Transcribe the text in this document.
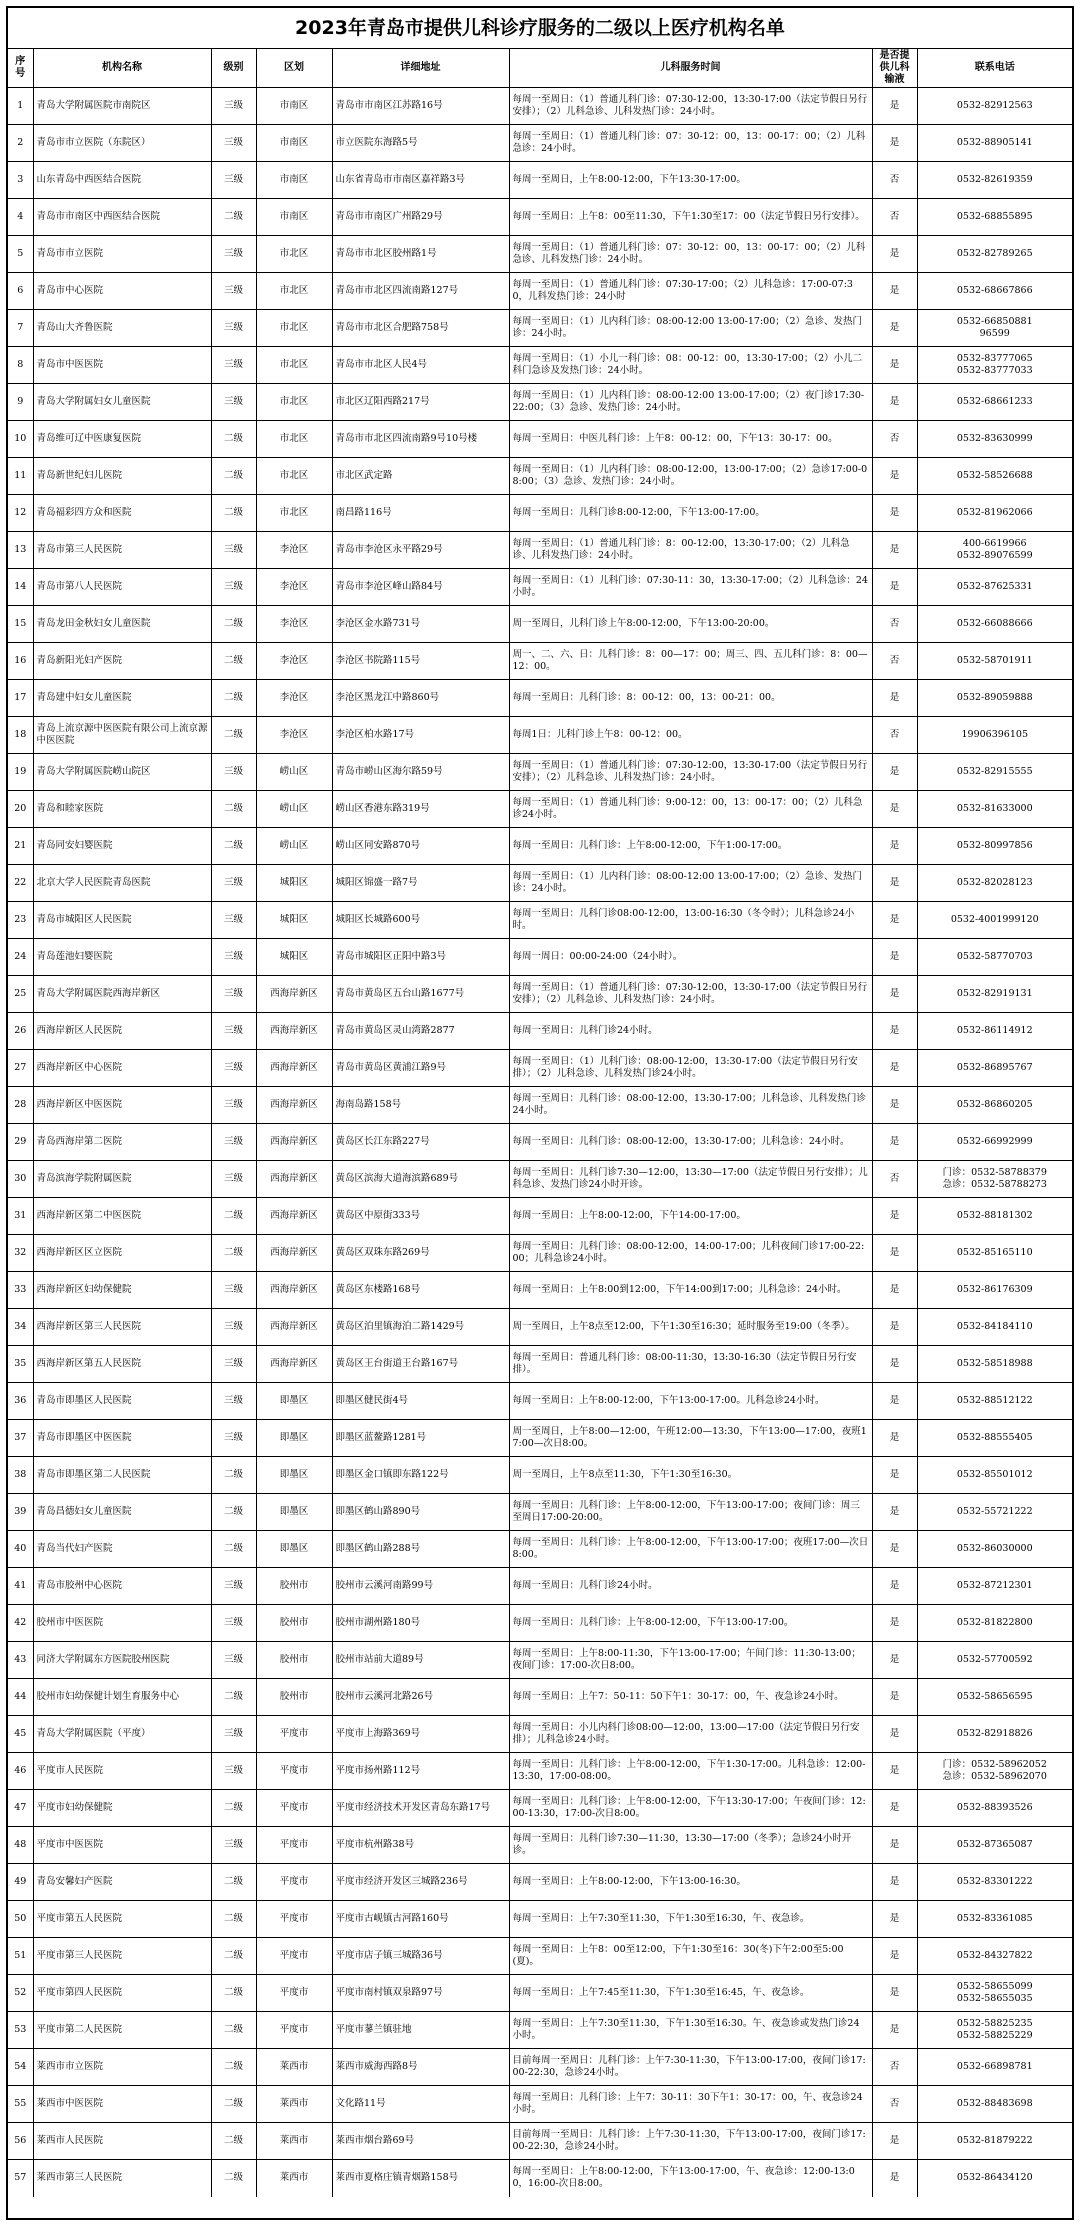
2023年青岛市提供儿科诊疗服务的二级以上医疗机构名单
序号	机构名称	级别	区划	详细地址	儿科服务时间	是否提供儿科输液	联系电话
1	青岛大学附属医院市南院区	三级	市南区	青岛市市南区江苏路16号	每周一至周日：（1）普通儿科门诊：07:30-12:00，13:30-17:00（法定节假日另行安排）；（2）儿科急诊、儿科发热门诊：24小时。	是	0532-82912563
2	青岛市市立医院（东院区）	三级	市南区	市立医院东海路5号	每周一至周日：（1）普通儿科门诊：07：30-12：00，13：00-17：00；（2）儿科急诊：24小时。	是	0532-88905141
3	山东青岛中西医结合医院	三级	市南区	山东省青岛市市南区嘉祥路3号	每周一至周日，上午8:00-12:00，下午13:30-17:00。	否	0532-82619359
4	青岛市市南区中西医结合医院	二级	市南区	青岛市市南区广州路29号	每周一至周日：上午8：00至11:30，下午1:30至17：00（法定节假日另行安排）。	否	0532-68855895
5	青岛市市立医院	三级	市北区	青岛市市北区胶州路1号	每周一至周日：（1）普通儿科门诊：07：30-12：00，13：00-17：00；（2）儿科急诊、儿科发热门诊：24小时。	是	0532-82789265
6	青岛市中心医院	三级	市北区	青岛市市北区四流南路127号	每周一至周日：（1）普通儿科门诊：07:30-17:00；（2）儿科急诊：17:00-07:30，儿科发热门诊：24小时	是	0532-68667866
7	青岛山大齐鲁医院	三级	市北区	青岛市市北区合肥路758号	每周一至周日：（1）儿内科门诊：08:00-12:00 13:00-17:00；（2）急诊、发热门诊：24小时。	是	0532-66850881
96599
8	青岛市中医医院	三级	市北区	青岛市市北区人民4号	每周一至周日：（1）小儿一科门诊：08：00-12：00，13:30-17:00；（2）小儿二科门急诊及发热门诊：24小时。	是	0532-83777065
0532-83777033
9	青岛大学附属妇女儿童医院	三级	市北区	市北区辽阳西路217号	每周一至周日：（1）儿内科门诊：08:00-12:00 13:00-17:00；（2）夜门诊17:30-22:00；（3）急诊、发热门诊：24小时。	是	0532-68661233
10	青岛维可辽中医康复医院	二级	市北区	青岛市市北区四流南路9号10号楼	每周一至周日：中医儿科门诊：上午8：00-12：00，下午13：30-17：00。	否	0532-83630999
11	青岛新世纪妇儿医院	二级	市北区	市北区武定路	每周一至周日：（1）儿内科门诊：08:00-12:00，13:00-17:00；（2）急诊17:00-08:00；（3）急诊、发热门诊：24小时。	是	0532-58526688
12	青岛福彩四方众和医院	二级	市北区	南昌路116号	每周一至周日：儿科门诊8:00-12:00，下午13:00-17:00。	是	0532-81962066
13	青岛市第三人民医院	三级	李沧区	青岛市李沧区永平路29号	每周一至周日：（1）普通儿科门诊：8：00-12:00，13:30-17:00；（2）儿科急诊、儿科发热门诊：24小时。	是	400-6619966
0532-89076599
14	青岛市第八人民医院	三级	李沧区	青岛市李沧区峰山路84号	每周一至周日：（1）儿科门诊：07:30-11：30，13:30-17:00；（2）儿科急诊：24小时。	是	0532-87625331
15	青岛龙田金秋妇女儿童医院	二级	李沧区	李沧区金水路731号	周一至周日，儿科门诊上午8:00-12:00，下午13:00-20:00。	否	0532-66088666
16	青岛新阳光妇产医院	二级	李沧区	李沧区书院路115号	周一、二、六、日：儿科门诊：8：00—17：00；周三、四、五儿科门诊：8：00—12：00。	否	0532-58701911
17	青岛建中妇女儿童医院	二级	李沧区	李沧区黑龙江中路860号	每周一至周日：儿科门诊：8：00-12：00，13：00-21：00。	是	0532-89059888
18	青岛上流京源中医医院有限公司上流京源中医医院	二级	李沧区	李沧区柏水路17号	每周1日：儿科门诊上午8：00-12：00。	否	19906396105
19	青岛大学附属医院崂山院区	三级	崂山区	青岛市崂山区海尔路59号	每周一至周日：（1）普通儿科门诊：07:30-12:00，13:30-17:00（法定节假日另行安排）；（2）儿科急诊、儿科发热门诊：24小时。	是	0532-82915555
20	青岛和睦家医院	二级	崂山区	崂山区香港东路319号	每周一至周日：（1）普通儿科门诊：9:00-12：00，13：00-17：00；（2）儿科急诊24小时。	是	0532-81633000
21	青岛同安妇婴医院	二级	崂山区	崂山区同安路870号	每周一至周日：儿科门诊：上午8:00-12:00，下午1:00-17:00。	是	0532-80997856
22	北京大学人民医院青岛医院	三级	城阳区	城阳区锦盛一路7号	每周一至周日：（1）儿内科门诊：08:00-12:00 13:00-17:00；（2）急诊、发热门诊：24小时。	是	0532-82028123
23	青岛市城阳区人民医院	三级	城阳区	城阳区长城路600号	每周一至周日：儿科门诊08:00-12:00，13:00-16:30（冬令时）；儿科急诊24小时。	是	0532-4001999120
24	青岛莲池妇婴医院	三级	城阳区	青岛市城阳区正阳中路3号	每周一周日：00:00-24:00（24小时）。	是	0532-58770703
25	青岛大学附属医院西海岸新区	三级	西海岸新区	青岛市黄岛区五台山路1677号	每周一至周日：（1）普通儿科门诊：07:30-12:00，13:30-17:00（法定节假日另行安排）；（2）儿科急诊、儿科发热门诊：24小时。	是	0532-82919131
26	西海岸新区人民医院	三级	西海岸新区	青岛市黄岛区灵山湾路2877	每周一至周日：儿科门诊24小时。	是	0532-86114912
27	西海岸新区中心医院	三级	西海岸新区	青岛市黄岛区黄浦江路9号	每周一至周日：（1）儿科门诊：08:00-12:00，13:30-17:00（法定节假日另行安排）；（2）儿科急诊、儿科发热门诊24小时。	是	0532-86895767
28	西海岸新区中医医院	三级	西海岸新区	海南岛路158号	每周一至周日：儿科门诊：08:00-12:00，13:30-17:00；儿科急诊、儿科发热门诊24小时。	是	0532-86860205
29	青岛西海岸第二医院	三级	西海岸新区	黄岛区长江东路227号	每周一至周日：儿科门诊：08:00-12:00，13:30-17:00；儿科急诊：24小时。	是	0532-66992999
30	青岛滨海学院附属医院	三级	西海岸新区	黄岛区滨海大道海滨路689号	每周一至周日：儿科门诊7:30—12:00，13:30—17:00（法定节假日另行安排）；儿科急诊、发热门诊24小时开诊。	否	门诊：0532-58788379
急诊：0532-58788273
31	西海岸新区第二中医医院	二级	西海岸新区	黄岛区中原街333号	每周一至周日：上午8:00-12:00，下午14:00-17:00。	是	0532-88181302
32	西海岸新区区立医院	二级	西海岸新区	黄岛区双珠东路269号	每周一至周日：儿科门诊：08:00-12:00，14:00-17:00；儿科夜间门诊17:00-22:00；儿科急诊24小时。	是	0532-85165110
33	西海岸新区妇幼保健院	三级	西海岸新区	黄岛区东楼路168号	每周一至周日：上午8:00到12:00，下午14:00到17:00；儿科急诊：24小时。	是	0532-86176309
34	西海岸新区第三人民医院	三级	西海岸新区	黄岛区泊里镇海泊二路1429号	周一至周日，上午8点至12:00，下午1:30至16:30；延时服务至19:00（冬季）。	是	0532-84184110
35	西海岸新区第五人民医院	三级	西海岸新区	黄岛区王台街道王台路167号	每周一至周日：普通儿科门诊：08:00-11:30，13:30-16:30（法定节假日另行安排）。	是	0532-58518988
36	青岛市即墨区人民医院	三级	即墨区	即墨区健民街4号	每周一至周日：上午8:00-12:00，下午13:00-17:00。儿科急诊24小时。	是	0532-88512122
37	青岛市即墨区中医医院	三级	即墨区	即墨区蓝鳌路1281号	周一至周日，上午8:00—12:00，午班12:00—13:30，下午13:00—17:00，夜班17:00—次日8:00。	是	0532-88555405
38	青岛市即墨区第二人民医院	二级	即墨区	即墨区金口镇即东路122号	周一至周日，上午8点至11:30，下午1:30至16:30。	是	0532-85501012
39	青岛昌德妇女儿童医院	二级	即墨区	即墨区鹤山路890号	每周一至周日：儿科门诊：上午8:00-12:00，下午13:00-17:00；夜间门诊：周三至周日17:00-20:00。	是	0532-55721222
40	青岛当代妇产医院	二级	即墨区	即墨区鹤山路288号	每周一至周日：儿科门诊：上午8:00-12:00，下午13:00-17:00；夜班17:00—次日8:00。	是	0532-86030000
41	青岛市胶州中心医院	三级	胶州市	胶州市云溪河南路99号	每周一至周日：儿科门诊24小时。	是	0532-87212301
42	胶州市中医医院	三级	胶州市	胶州市湖州路180号	每周一至周日：儿科门诊：上午8:00-12:00，下午13:00-17:00。	是	0532-81822800
43	同济大学附属东方医院胶州医院	三级	胶州市	胶州市站前大道89号	每周一至周日：上午8:00-11:30，下午13:00-17:00；午间门诊：11:30-13:00；夜间门诊：17:00-次日8:00。	是	0532-57700592
44	胶州市妇幼保健计划生育服务中心	二级	胶州市	胶州市云溪河北路26号	每周一至周日：上午7：50-11：50下午1：30-17：00，午、夜急诊24小时。	是	0532-58656595
45	青岛大学附属医院（平度）	三级	平度市	平度市上海路369号	每周一至周日：小儿内科门诊08:00—12:00，13:00—17:00（法定节假日另行安排）；儿科急诊24小时。	是	0532-82918826
46	平度市人民医院	三级	平度市	平度市扬州路112号	每周一至周日：儿科门诊：上午8:00-12:00，下午1:30-17:00。儿科急诊：12:00-13:30，17:00-08:00。	是	门诊：0532-58962052
急诊：0532-58962070
47	平度市妇幼保健院	二级	平度市	平度市经济技术开发区青岛东路17号	每周一至周日：儿科门诊：上午8:00-12:00，下午13:30-17:00；午夜间门诊：12:00-13:30，17:00-次日8:00。	是	0532-88393526
48	平度市中医医院	三级	平度市	平度市杭州路38号	每周一至周日：儿科门诊7:30—11:30，13:30—17:00（冬季）；急诊24小时开诊。	是	0532-87365087
49	青岛安馨妇产医院	二级	平度市	平度市经济开发区三城路236号	每周一至周日：上午8:00-12:00，下午13:00-16:30。	是	0532-83301222
50	平度市第五人民医院	二级	平度市	平度市古岘镇古河路160号	每周一至周日：上午7:30至11:30，下午1:30至16:30，午、夜急诊。	是	0532-83361085
51	平度市第三人民医院	二级	平度市	平度市店子镇三城路36号	每周一至周日：上午8：00至12:00，下午1:30至16：30(冬)下午2:00至5:00(夏)。	是	0532-84327822
52	平度市第四人民医院	二级	平度市	平度市南村镇双泉路97号	每周一至周日：上午7:45至11:30，下午1:30至16:45，午、夜急诊。	是	0532-58655099
0532-58655035
53	平度市第二人民医院	二级	平度市	平度市蓼兰镇驻地	每周一至周日：上午7:30至11:30，下午1:30至16:30。午、夜急诊或发热门诊24小时。	是	0532-58825235
0532-58825229
54	莱西市市立医院	二级	莱西市	莱西市威海西路8号	目前每周一至周日：儿科门诊：上午7:30-11:30，下午13:00-17:00，夜间门诊17:00-22:30，急诊24小时。	否	0532-66898781
55	莱西市中医医院	二级	莱西市	文化路11号	每周一至周日：儿科门诊：上午7：30-11：30下午1：30-17：00，午、夜急诊24小时。	否	0532-88483698
56	莱西市人民医院	二级	莱西市	莱西市烟台路69号	目前每周一至周日：儿科门诊：上午7:30-11:30，下午13:00-17:00，夜间门诊17:00-22:30，急诊24小时。	是	0532-81879222
57	莱西市第三人民医院	二级	莱西市	莱西市夏格庄镇青烟路158号	每周一至周日：上午8:00-12:00，下午13:00-17:00，午、夜急诊：12:00-13:00，16:00-次日8:00。	是	0532-86434120
